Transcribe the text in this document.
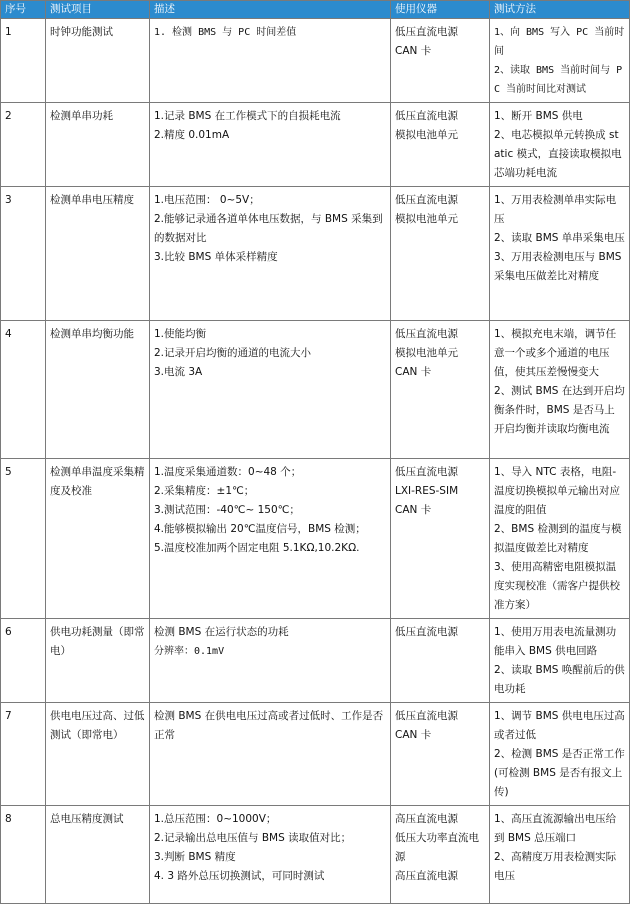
序号	测试项目	描述	使用仪器	测试方法
1	时钟功能测试	1. 检测 BMS 与 PC 时间差值	低压直流电源
CAN 卡	1、向 BMS 写入 PC 当前时间
2、读取 BMS 当前时间与 PC 当前时间比对测试

2	检测单串功耗	1.记录 BMS 在工作模式下的自损耗电流
2.精度 0.01mA	低压直流电源
模拟电池单元	1、断开 BMS 供电
2、电芯模拟单元转换成 static 模式，直接读取模拟电芯端功耗电流

3	检测单串电压精度	1.电压范围： 0~5V；
2.能够记录通各道单体电压数据，与 BMS 采集到的数据对比
3.比较 BMS 单体采样精度	低压直流电源
模拟电池单元	1、万用表检测单串实际电压
2、读取 BMS 单串采集电压
3、万用表检测电压与 BMS 采集电压做差比对精度

4	检测单串均衡功能	1.使能均衡
2.记录开启均衡的通道的电流大小
3.电流 3A	低压直流电源
模拟电池单元
CAN 卡	1、模拟充电末端，调节任意一个或多个通道的电压值，使其压差慢慢变大
2、测试 BMS 在达到开启均衡条件时，BMS 是否马上开启均衡并读取均衡电流

5	检测单串温度采集精度及校准	1.温度采集通道数：0~48 个；
2.采集精度：±1℃；
3.测试范围：-40℃~ 150℃；
4.能够模拟输出 20℃温度信号，BMS 检测；
5.温度校准加两个固定电阻 5.1KΩ,10.2KΩ.	低压直流电源
LXI-RES-SIM
CAN 卡	1、导入 NTC 表格，电阻-温度切换模拟单元输出对应温度的阻值
2、BMS 检测到的温度与模拟温度做差比对精度
3、使用高精密电阻模拟温度实现校准（需客户提供校准方案）

6	供电功耗测量（即常电）	检测 BMS 在运行状态的功耗
分辨率：0.1mV	低压直流电源	1、使用万用表电流量测功能串入 BMS 供电回路
2、读取 BMS 唤醒前后的供电功耗

7	供电电压过高、过低测试（即常电）	检测 BMS 在供电电压过高或者过低时、工作是否正常	低压直流电源
CAN 卡	1、调节 BMS 供电电压过高或者过低
2、检测 BMS 是否正常工作(可检测 BMS 是否有报文上传)

8	总电压精度测试	1.总压范围：0~1000V；
2.记录输出总电压值与 BMS 读取值对比；
3.判断 BMS 精度
4. 3 路外总压切换测试，可同时测试	高压直流电源
低压大功率直流电源
高压直流电源	1、高压直流源输出电压给到 BMS 总压端口
2、高精度万用表检测实际电压
